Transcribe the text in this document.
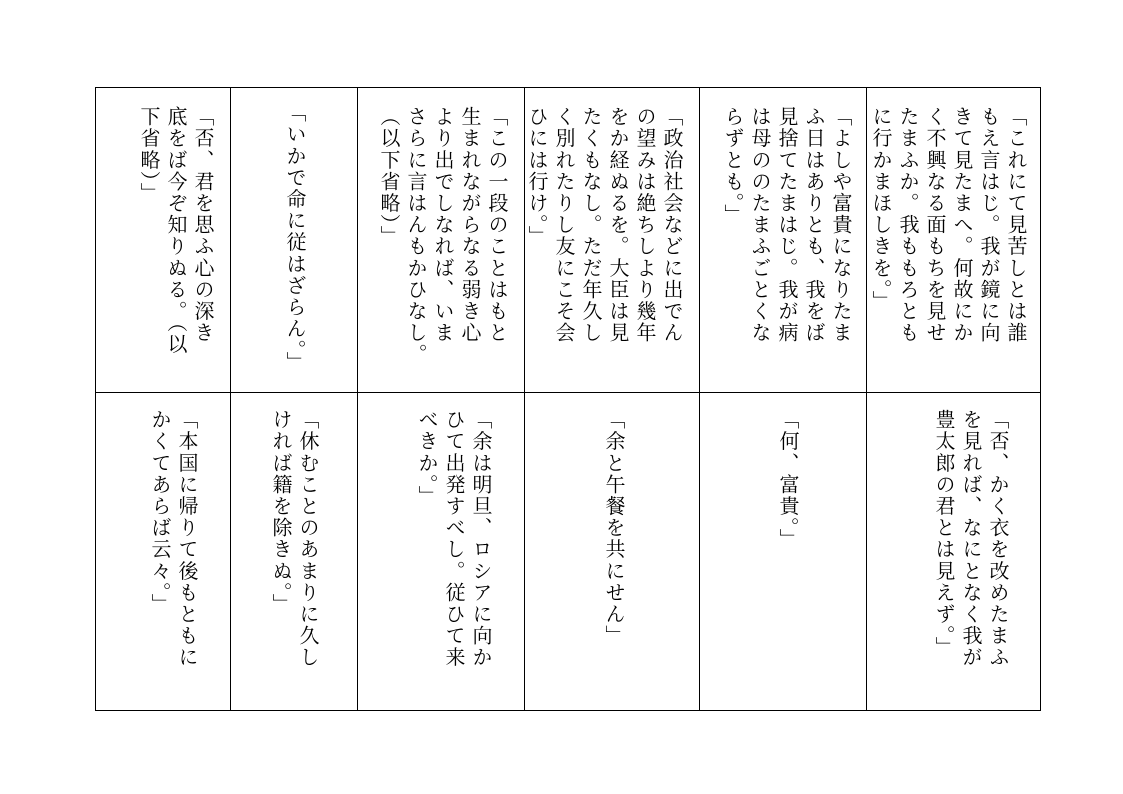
「これにて見苦しとは誰
もえ言はじ。我が鏡に向
きて見たまへ。何故にか
く不興なる面もちを見せ
たまふか。我ももろとも
に行かまほしきを。」
「よしや富貴になりたま
ふ日はありとも、我をば
見捨てたまはじ。我が病
は母ののたまふごとくな
らずとも。」
「政治社会などに出でん
の望みは絶ちしより幾年
をか経ぬるを。大臣は見
たくもなし。ただ年久し
く別れたりし友にこそ会
ひには行け。」
「この一段のことはもと
生まれながらなる弱き心
より出でしなれば、いま
さらに言はんもかひなし。
（以下省略）」
「いかで命に従はざらん。」
「否、君を思ふ心の深き
底をば今ぞ知りぬる。（以
下省略）」
「否、かく衣を改めたまふ
を見れば、なにとなく我が
豊太郎の君とは見えず。」
「何、富貴。」
「余と午餐を共にせん」
「余は明旦、ロシアに向か
ひて出発すべし。従ひて来
べきか。」
「休むことのあまりに久し
ければ籍を除きぬ。」
「本国に帰りて後もともに
かくてあらば云々。」
